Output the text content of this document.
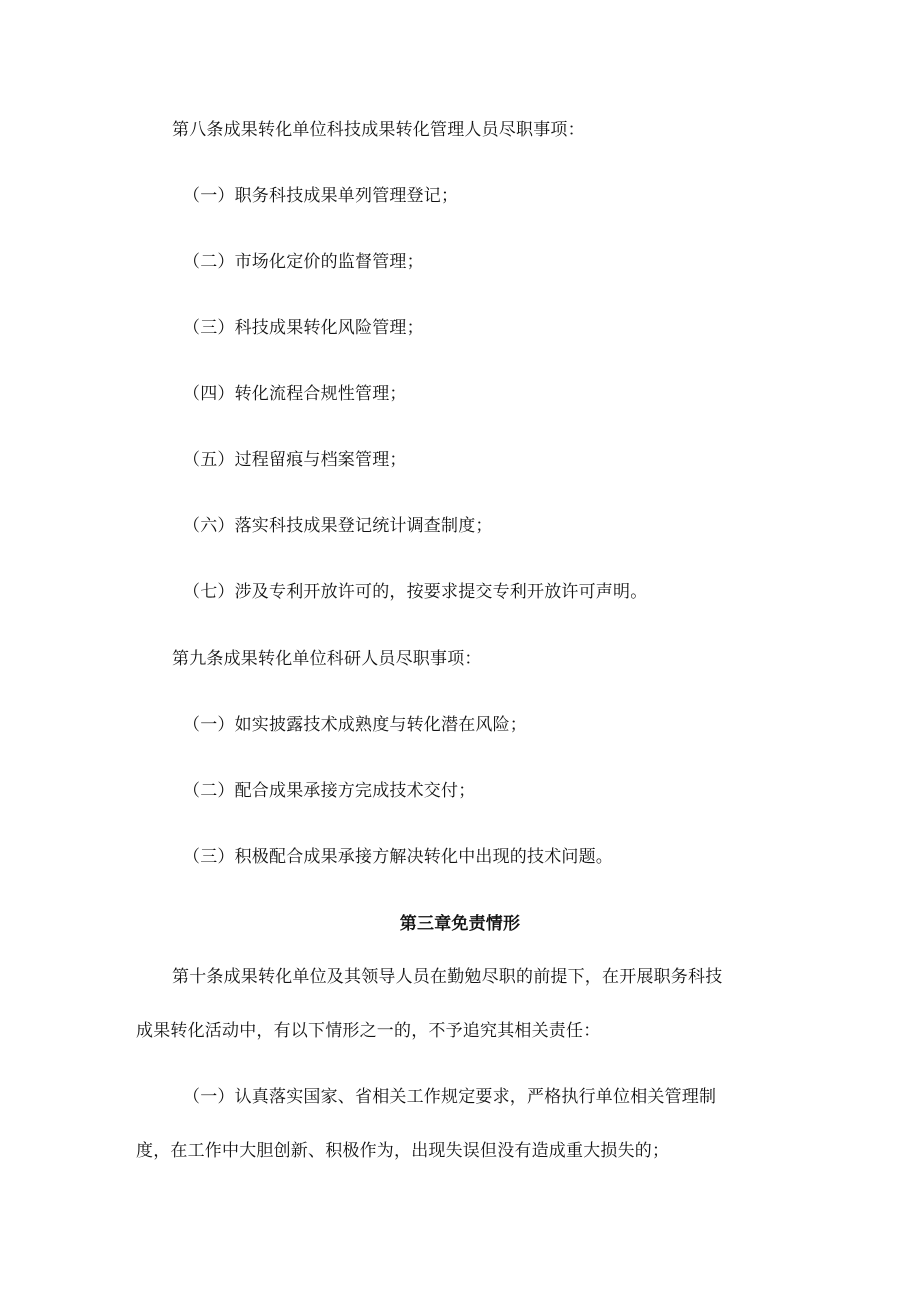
第八条成果转化单位科技成果转化管理人员尽职事项：
（一）职务科技成果单列管理登记；
（二）市场化定价的监督管理；
（三）科技成果转化风险管理；
（四）转化流程合规性管理；
（五）过程留痕与档案管理；
（六）落实科技成果登记统计调查制度；
（七）涉及专利开放许可的，按要求提交专利开放许可声明。
第九条成果转化单位科研人员尽职事项：
（一）如实披露技术成熟度与转化潜在风险；
（二）配合成果承接方完成技术交付；
（三）积极配合成果承接方解决转化中出现的技术问题。
第三章免责情形
第十条成果转化单位及其领导人员在勤勉尽职的前提下，在开展职务科技
成果转化活动中，有以下情形之一的，不予追究其相关责任：
（一）认真落实国家、省相关工作规定要求，严格执行单位相关管理制
度，在工作中大胆创新、积极作为，出现失误但没有造成重大损失的；
